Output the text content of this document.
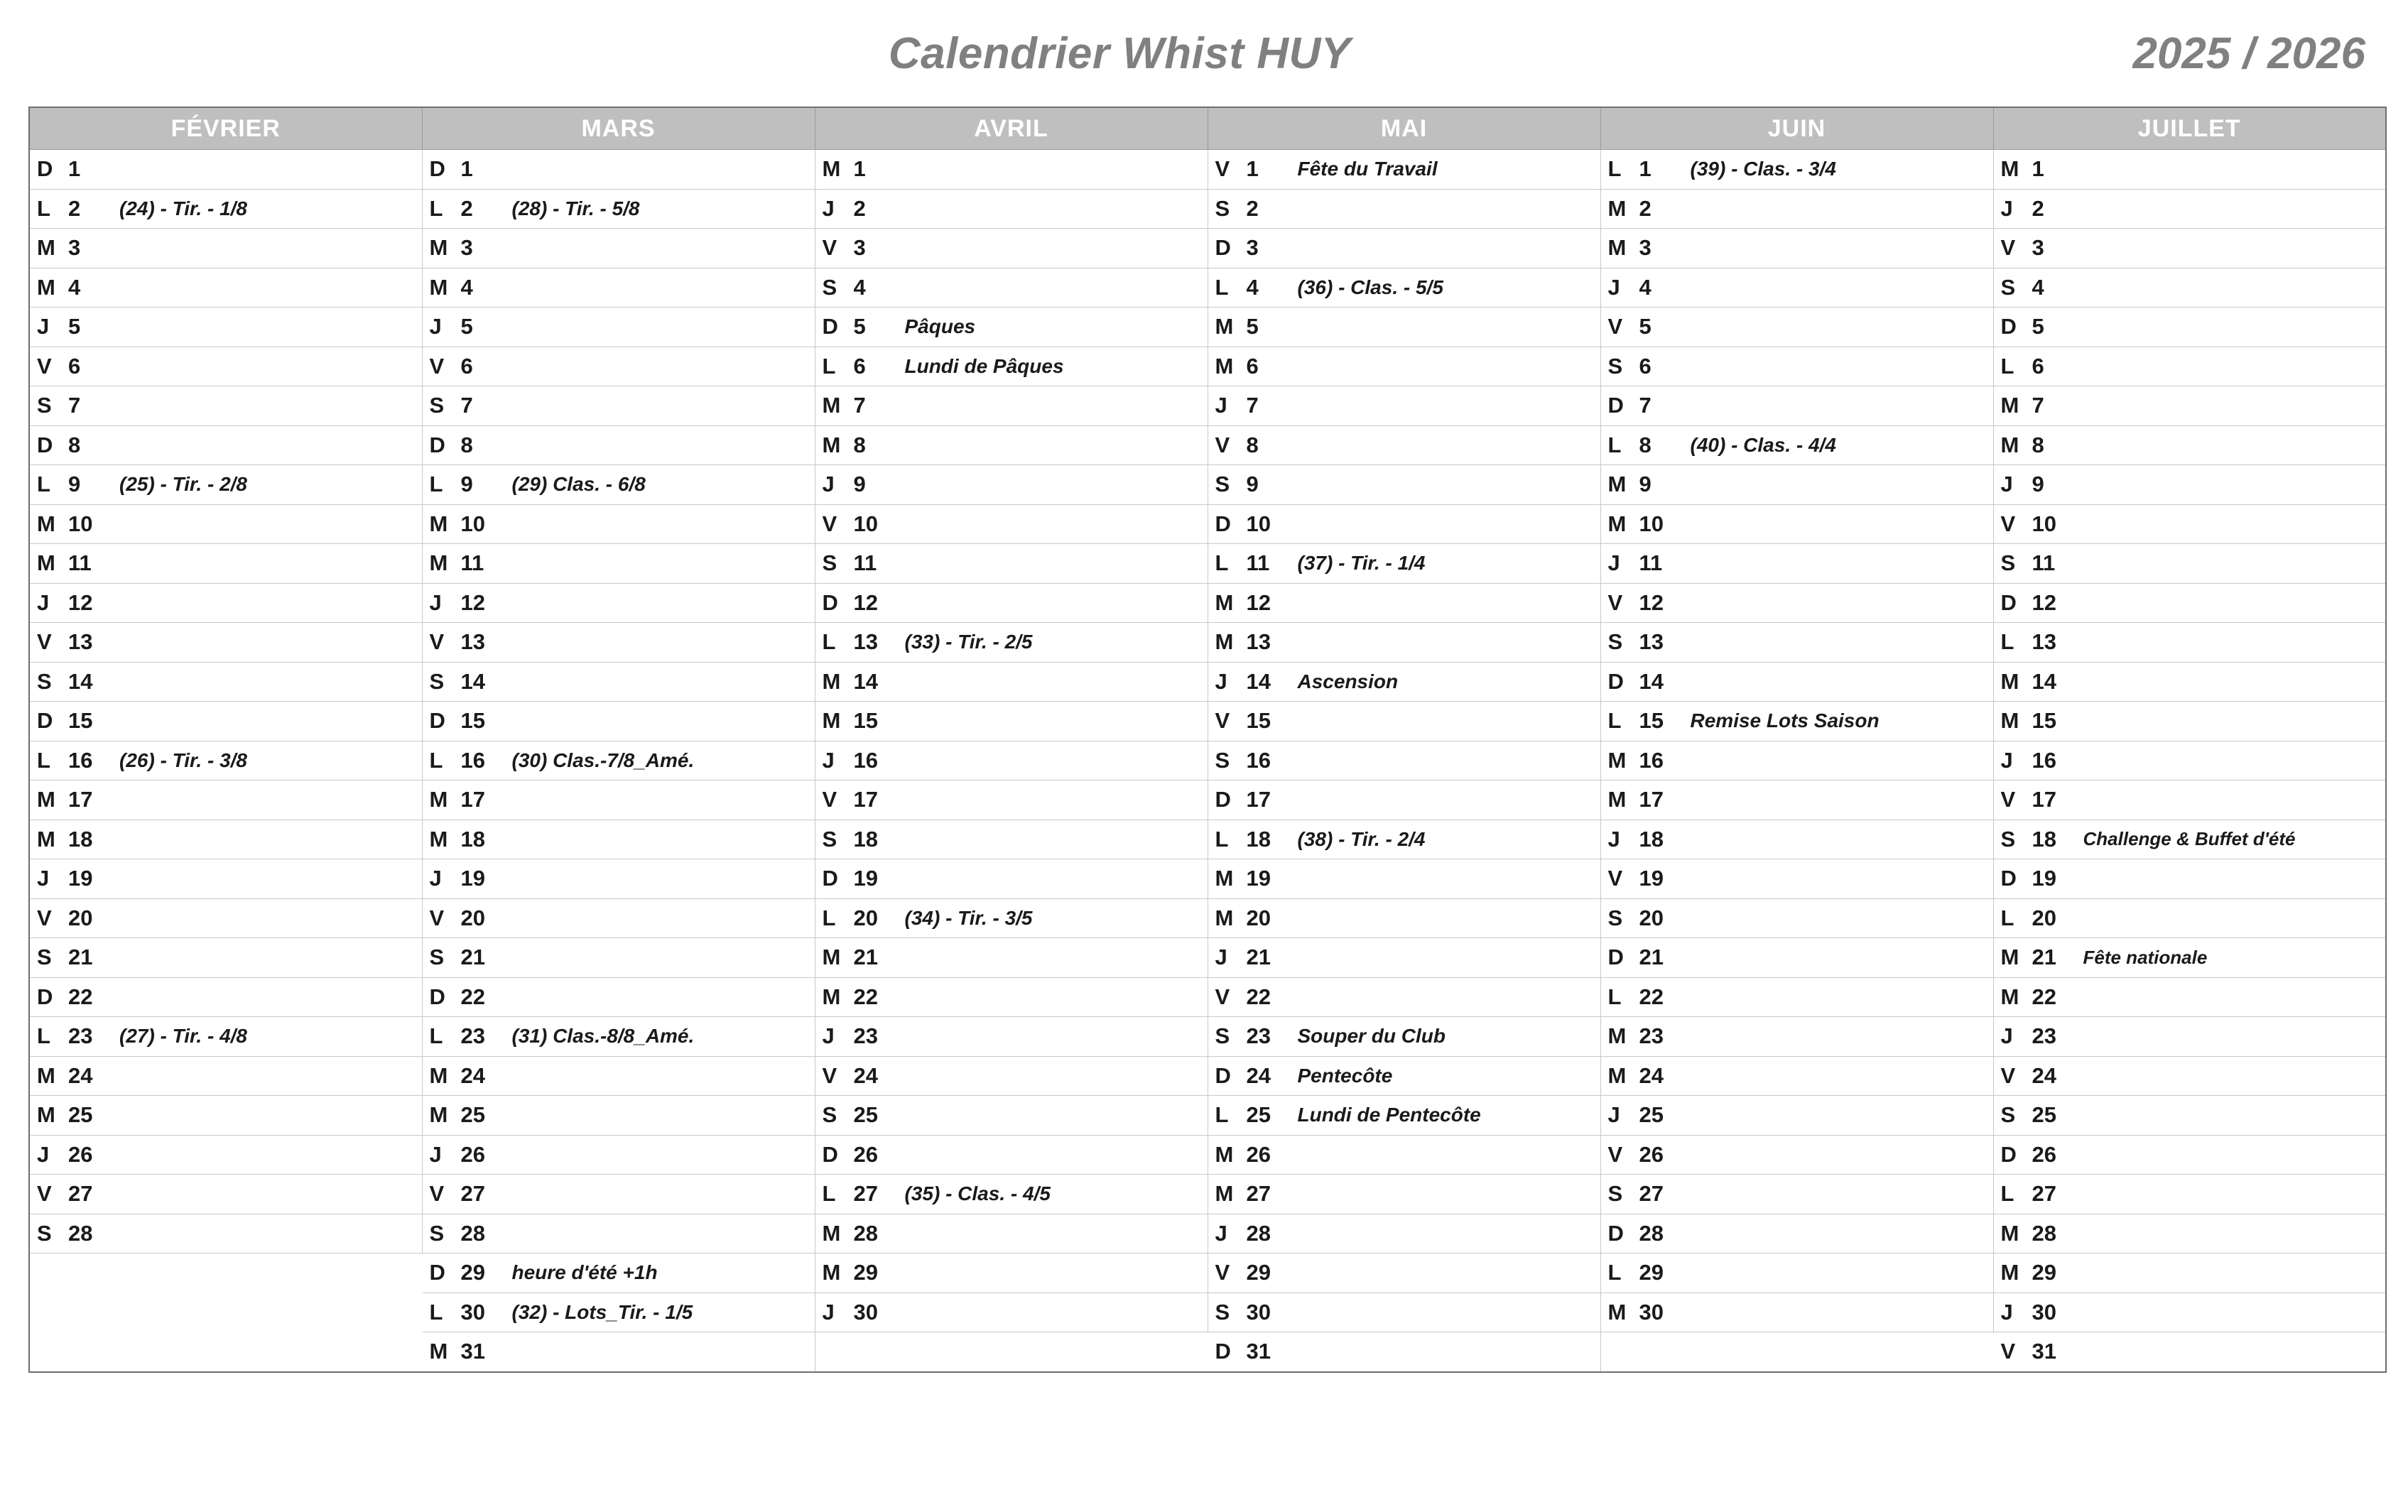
Calendrier Whist HUY	2025 / 2026
FÉVRIER	MARS	AVRIL	MAI	JUIN	JUILLET

D 1	D 1	M 1	V 1 Fête du Travail	L 1 (39) - Clas. - 3/4	M 1

L 2 (24) - Tir. - 1/8	L 2 (28) - Tir. - 5/8	J 2	S 2	M 2	J 2

M 3	M 3	V 3	D 3	M 3	V 3

M 4	M 4	S 4	L 4 (36) - Clas. - 5/5	J 4	S 4

J 5	J 5	D 5 Pâques	M 5	V 5	D 5

V 6	V 6	L 6 Lundi de Pâques	M 6	S 6	L 6

S 7	S 7	M 7	J 7	D 7	M 7

D 8	D 8	M 8	V 8	L 8 (40) - Clas. - 4/4	M 8

L 9 (25) - Tir. - 2/8	L 9 (29) Clas. - 6/8	J 9	S 9	M 9	J 9

M 10	M 10	V 10	D 10	M 10	V 10

M 11	M 11	S 11	L 11 (37) - Tir. - 1/4	J 11	S 11

J 12	J 12	D 12	M 12	V 12	D 12

V 13	V 13	L 13 (33) - Tir. - 2/5	M 13	S 13	L 13

S 14	S 14	M 14	J 14 Ascension	D 14	M 14

D 15	D 15	M 15	V 15	L 15 Remise Lots Saison	M 15

L 16 (26) - Tir. - 3/8	L 16 (30) Clas.-7/8_Amé.	J 16	S 16	M 16	J 16

M 17	M 17	V 17	D 17	M 17	V 17

M 18	M 18	S 18	L 18 (38) - Tir. - 2/4	J 18	S 18 Challenge & Buffet d'été

J 19	J 19	D 19	M 19	V 19	D 19

V 20	V 20	L 20 (34) - Tir. - 3/5	M 20	S 20	L 20

S 21	S 21	M 21	J 21	D 21	M 21 Fête nationale

D 22	D 22	M 22	V 22	L 22	M 22

L 23 (27) - Tir. - 4/8	L 23 (31) Clas.-8/8_Amé.	J 23	S 23 Souper du Club	M 23	J 23

M 24	M 24	V 24	D 24 Pentecôte	M 24	V 24

M 25	M 25	S 25	L 25 Lundi de Pentecôte	J 25	S 25

J 26	J 26	D 26	M 26	V 26	D 26

V 27	V 27	L 27 (35) - Clas. - 4/5	M 27	S 27	L 27

S 28	S 28	M 28	J 28	D 28	M 28

	D 29 heure d'été +1h	M 29	V 29	L 29	M 29

	L 30 (32) - Lots_Tir. - 1/5	J 30	S 30	M 30	J 30

	M 31		D 31		V 31
